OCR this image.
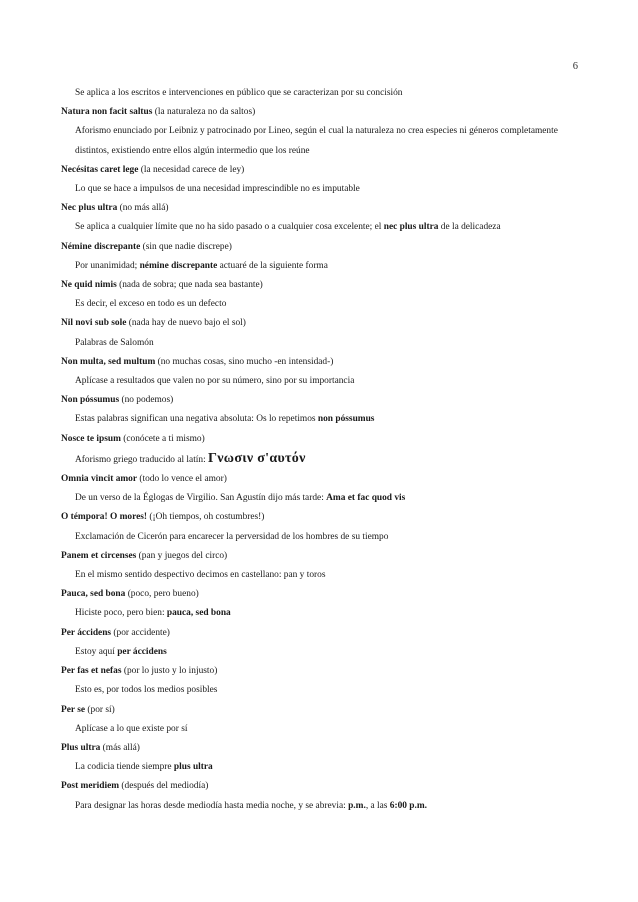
6

Se aplica a los escritos e intervenciones en público que se caracterizan por su concisión

Natura non facit saltus (la naturaleza no da saltos)

Aforismo enunciado por Leibniz y patrocinado por Lineo, según el cual la naturaleza no crea especies ni géneros completamente

distintos, existiendo entre ellos algún intermedio que los reúne

Necésitas caret lege (la necesidad carece de ley)

Lo que se hace a impulsos de una necesidad imprescindible no es imputable

Nec plus ultra (no más allá)

Se aplica a cualquier límite que no ha sido pasado o a cualquier cosa excelente; el nec plus ultra de la delicadeza

Némine discrepante (sin que nadie discrepe)

Por unanimidad; némine discrepante actuaré de la siguiente forma

Ne quid nimis (nada de sobra; que nada sea bastante)

Es decir, el exceso en todo es un defecto

Nil novi sub sole (nada hay de nuevo bajo el sol)

Palabras de Salomón

Non multa, sed multum (no muchas cosas, sino mucho -en intensidad-)

Aplícase a resultados que valen no por su número, sino por su importancia

Non póssumus (no podemos)

Estas palabras significan una negativa absoluta: Os lo repetimos non póssumus

Nosce te ipsum (conócete a ti mismo)

Aforismo griego traducido al latín: Γνωσιν σ'αυτόν

Omnia vincit amor (todo lo vence el amor)

De un verso de la Églogas de Virgilio. San Agustín dijo más tarde: Ama et fac quod vis

O témpora! O mores! (¡Oh tiempos, oh costumbres!)

Exclamación de Cicerón para encarecer la perversidad de los hombres de su tiempo

Panem et circenses (pan y juegos del circo)

En el mismo sentido despectivo decimos en castellano: pan y toros

Pauca, sed bona (poco, pero bueno)

Hiciste poco, pero bien: pauca, sed bona

Per áccidens (por accidente)

Estoy aquí per áccidens

Per fas et nefas (por lo justo y lo injusto)

Esto es, por todos los medios posibles

Per se (por sí)

Aplícase a lo que existe por sí

Plus ultra (más allá)

La codicia tiende siempre plus ultra

Post meridiem (después del mediodía)

Para designar las horas desde mediodía hasta media noche, y se abrevia: p.m., a las 6:00 p.m.
